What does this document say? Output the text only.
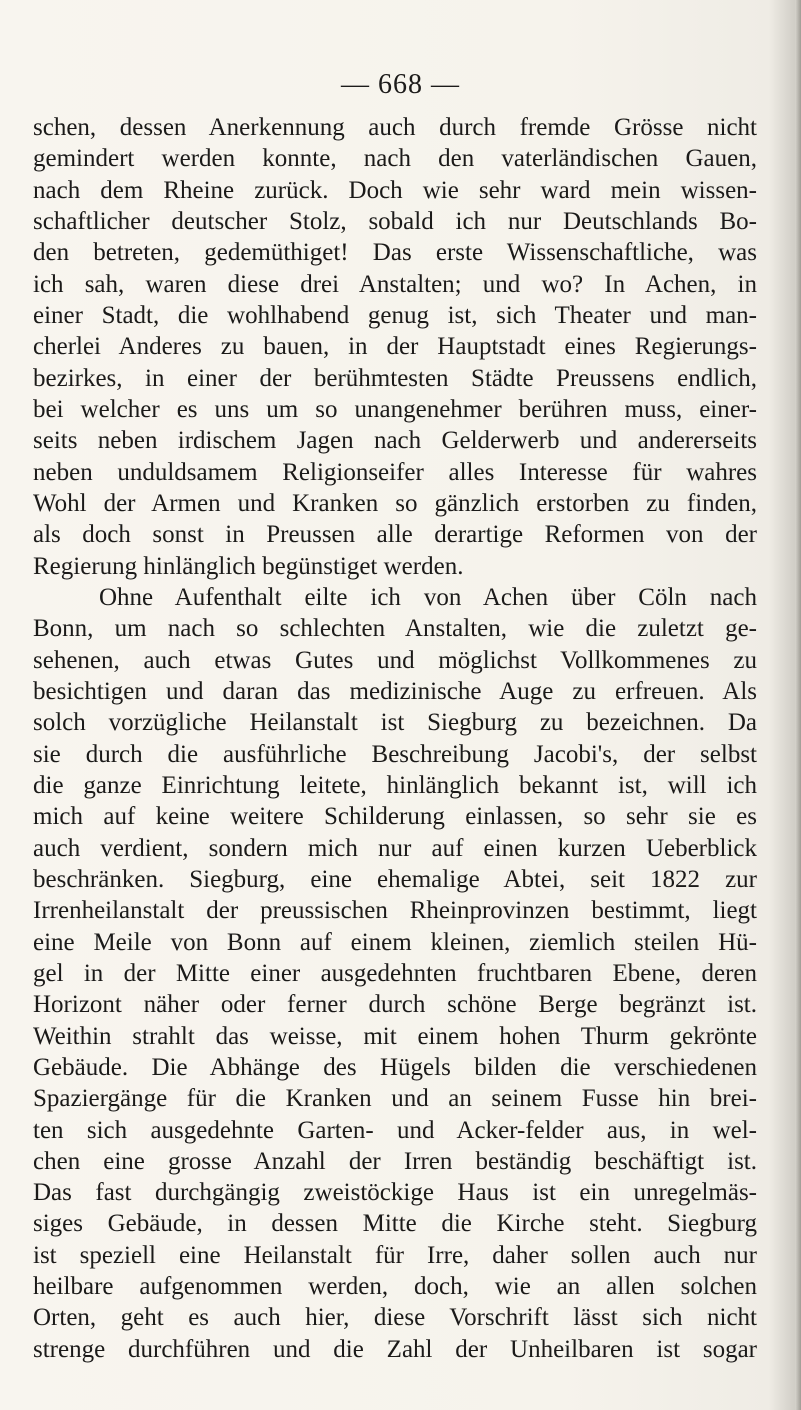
— 668 —
schen, dessen Anerkennung auch durch fremde Grösse nicht
gemindert werden konnte, nach den vaterländischen Gauen,
nach dem Rheine zurück. Doch wie sehr ward mein wissen-
schaftlicher deutscher Stolz, sobald ich nur Deutschlands Bo-
den betreten, gedemüthiget! Das erste Wissenschaftliche, was
ich sah, waren diese drei Anstalten; und wo? In Achen, in
einer Stadt, die wohlhabend genug ist, sich Theater und man-
cherlei Anderes zu bauen, in der Hauptstadt eines Regierungs-
bezirkes, in einer der berühmtesten Städte Preussens endlich,
bei welcher es uns um so unangenehmer berühren muss, einer-
seits neben irdischem Jagen nach Gelderwerb und andererseits
neben unduldsamem Religionseifer alles Interesse für wahres
Wohl der Armen und Kranken so gänzlich erstorben zu finden,
als doch sonst in Preussen alle derartige Reformen von der
Regierung hinlänglich begünstiget werden.
Ohne Aufenthalt eilte ich von Achen über Cöln nach
Bonn, um nach so schlechten Anstalten, wie die zuletzt ge-
sehenen, auch etwas Gutes und möglichst Vollkommenes zu
besichtigen und daran das medizinische Auge zu erfreuen. Als
solch vorzügliche Heilanstalt ist Siegburg zu bezeichnen. Da
sie durch die ausführliche Beschreibung Jacobi's, der selbst
die ganze Einrichtung leitete, hinlänglich bekannt ist, will ich
mich auf keine weitere Schilderung einlassen, so sehr sie es
auch verdient, sondern mich nur auf einen kurzen Ueberblick
beschränken. Siegburg, eine ehemalige Abtei, seit 1822 zur
Irrenheilanstalt der preussischen Rheinprovinzen bestimmt, liegt
eine Meile von Bonn auf einem kleinen, ziemlich steilen Hü-
gel in der Mitte einer ausgedehnten fruchtbaren Ebene, deren
Horizont näher oder ferner durch schöne Berge begränzt ist.
Weithin strahlt das weisse, mit einem hohen Thurm gekrönte
Gebäude. Die Abhänge des Hügels bilden die verschiedenen
Spaziergänge für die Kranken und an seinem Fusse hin brei-
ten sich ausgedehnte Garten- und Acker-felder aus, in wel-
chen eine grosse Anzahl der Irren beständig beschäftigt ist.
Das fast durchgängig zweistöckige Haus ist ein unregelmäs-
siges Gebäude, in dessen Mitte die Kirche steht. Siegburg
ist speziell eine Heilanstalt für Irre, daher sollen auch nur
heilbare aufgenommen werden, doch, wie an allen solchen
Orten, geht es auch hier, diese Vorschrift lässt sich nicht
strenge durchführen und die Zahl der Unheilbaren ist sogar
